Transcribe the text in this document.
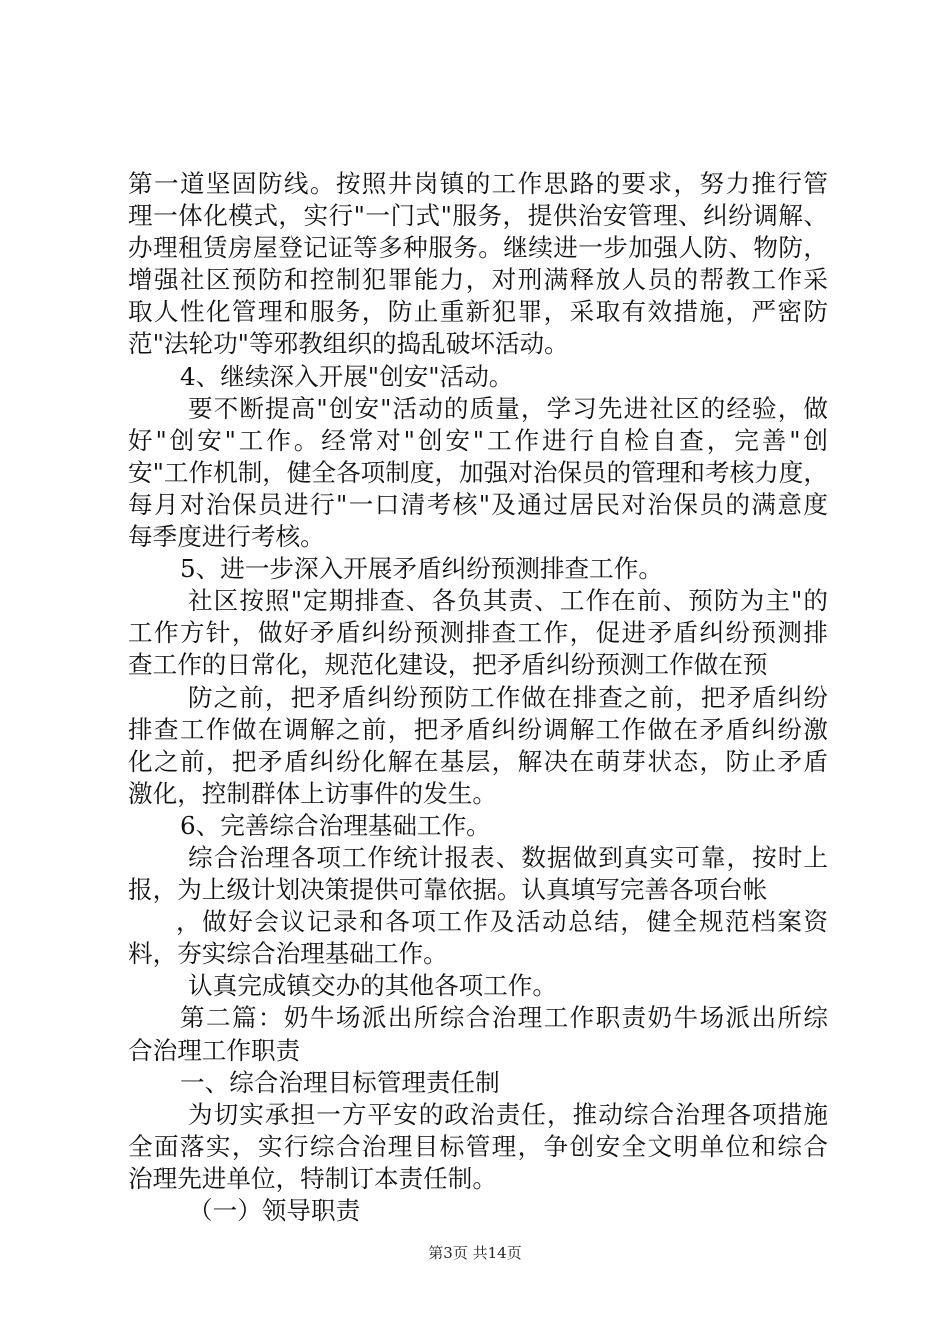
第一道坚固防线。按照井岗镇的工作思路的要求，努力推行管
理一体化模式，实行"一门式"服务，提供治安管理、纠纷调解、
办理租赁房屋登记证等多种服务。继续进一步加强人防、物防，
增强社区预防和控制犯罪能力，对刑满释放人员的帮教工作采
取人性化管理和服务，防止重新犯罪，采取有效措施，严密防
范"法轮功"等邪教组织的捣乱破坏活动。
4、继续深入开展"创安"活动。
要不断提高"创安"活动的质量，学习先进社区的经验，做
好"创安"工作。经常对"创安"工作进行自检自查，完善"创
安"工作机制，健全各项制度，加强对治保员的管理和考核力度，
每月对治保员进行"一口清考核"及通过居民对治保员的满意度
每季度进行考核。
5、进一步深入开展矛盾纠纷预测排查工作。
社区按照"定期排查、各负其责、工作在前、预防为主"的
工作方针，做好矛盾纠纷预测排查工作，促进矛盾纠纷预测排
查工作的日常化，规范化建设，把矛盾纠纷预测工作做在预
防之前，把矛盾纠纷预防工作做在排查之前，把矛盾纠纷
排查工作做在调解之前，把矛盾纠纷调解工作做在矛盾纠纷激
化之前，把矛盾纠纷化解在基层，解决在萌芽状态，防止矛盾
激化，控制群体上访事件的发生。
6、完善综合治理基础工作。
综合治理各项工作统计报表、数据做到真实可靠，按时上
报，为上级计划决策提供可靠依据。认真填写完善各项台帐
，做好会议记录和各项工作及活动总结，健全规范档案资
料，夯实综合治理基础工作。
认真完成镇交办的其他各项工作。
第二篇：奶牛场派出所综合治理工作职责奶牛场派出所综
合治理工作职责
一、综合治理目标管理责任制
为切实承担一方平安的政治责任，推动综合治理各项措施
全面落实，实行综合治理目标管理，争创安全文明单位和综合
治理先进单位，特制订本责任制。
（一）领导职责
第3页 共14页
